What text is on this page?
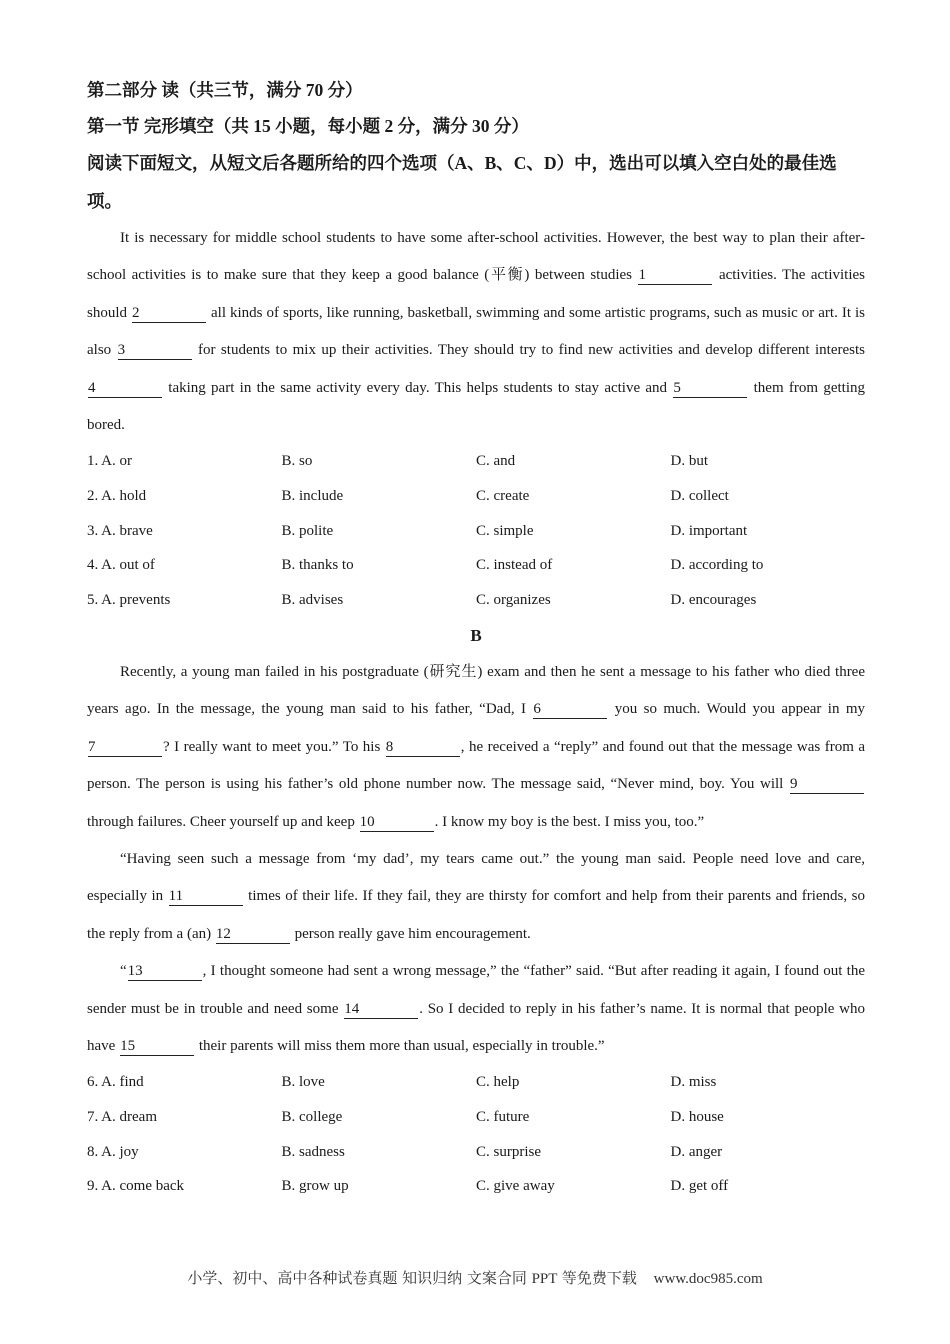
第二部分 读（共三节，满分 70 分）
第一节 完形填空（共 15 小题，每小题 2 分，满分 30 分）
阅读下面短文，从短文后各题所给的四个选项（A、B、C、D）中，选出可以填入空白处的最佳选项。
It is necessary for middle school students to have some after-school activities. However, the best way to plan their after-school activities is to make sure that they keep a good balance (平衡) between studies 1	activities. The activities should 2	all kinds of sports, like running, basketball, swimming and some artistic programs, such as music or art. It is also 3	for students to mix up their activities. They should try to find new activities and develop different interests 4	taking part in the same activity every day. This helps students to stay active and 5	them from getting bored.
1. A. or	B. so	C. and	D. but
2. A. hold	B. include	C. create	D. collect
3. A. brave	B. polite	C. simple	D. important
4. A. out of	B. thanks to	C. instead of	D. according to
5. A. prevents	B. advises	C. organizes	D. encourages
B
Recently, a young man failed in his postgraduate (研究生) exam and then he sent a message to his father who died three years ago. In the message, the young man said to his father, “Dad, I 6	you so much. Would you appear in my 7	? I really want to meet you.” To his 8	, he received a “reply” and found out that the message was from a person. The person is using his father’s old phone number now. The message said, “Never mind, boy. You will 9 through failures. Cheer yourself up and keep 10	. I know my boy is the best. I miss you, too.”
“Having seen such a message from ‘my dad’, my tears came out.” the young man said. People need love and care, especially in 11	times of their life. If they fail, they are thirsty for comfort and help from their parents and friends, so the reply from a (an) 12	person really gave him encouragement.
“13	, I thought someone had sent a wrong message,” the “father” said. “But after reading it again, I found out the sender must be in trouble and need some 14	. So I decided to reply in his father’s name. It is normal that people who have 15	their parents will miss them more than usual, especially in trouble.”
6. A. find	B. love	C. help	D. miss
7. A. dream	B. college	C. future	D. house
8. A. joy	B. sadness	C. surprise	D. anger
9. A. come back	B. grow up	C. give away	D. get off
小学、初中、高中各种试卷真题 知识归纳 文案合同 PPT 等免费下载 www.doc985.com
